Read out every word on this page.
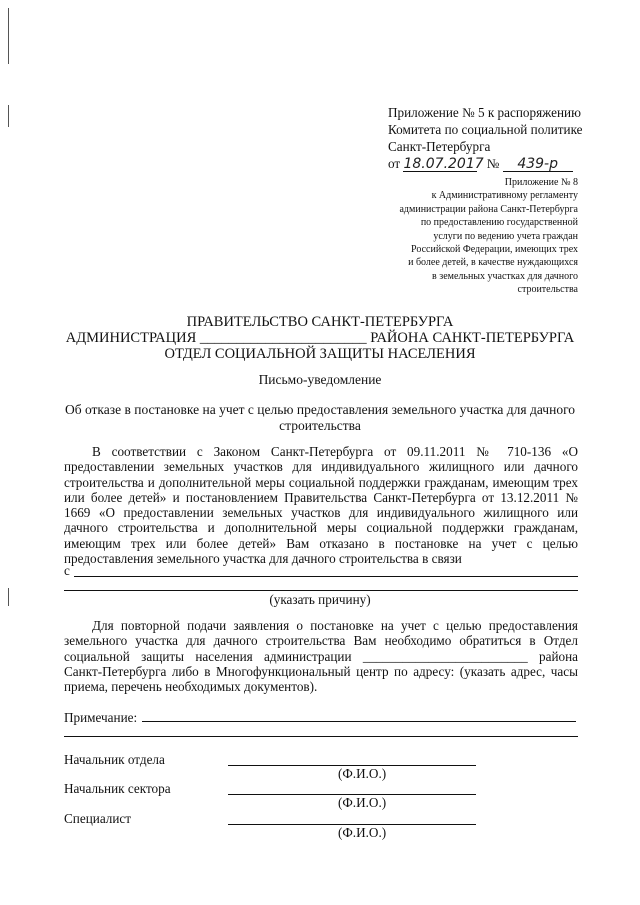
Приложение № 5 к распоряжению
Комитета по социальной политике
Санкт-Петербурга
от 18.07.2017 № 439-р
Приложение № 8
к Административному регламенту
администрации района Санкт-Петербурга
по предоставлению государственной
услуги по ведению учета граждан
Российской Федерации, имеющих трех
и более детей, в качестве нуждающихся
в земельных участках для дачного
строительства
ПРАВИТЕЛЬСТВО САНКТ-ПЕТЕРБУРГА
АДМИНИСТРАЦИЯ _______________________ РАЙОНА САНКТ-ПЕТЕРБУРГА
ОТДЕЛ СОЦИАЛЬНОЙ ЗАЩИТЫ НАСЕЛЕНИЯ
Письмо-уведомление
Об отказе в постановке на учет с целью предоставления земельного участка для дачного
строительства
В соответствии с Законом Санкт-Петербурга от 09.11.2011 № 710-136 «О предоставлении земельных участков для индивидуального жилищного или дачного строительства и дополнительной меры социальной поддержки гражданам, имеющим трех или более детей» и постановлением Правительства Санкт-Петербурга от 13.12.2011 № 1669 «О предоставлении земельных участков для индивидуального жилищного или дачного строительства и дополнительной меры социальной поддержки гражданам, имеющим трех или более детей» Вам отказано в постановке на учет с целью предоставления земельного участка для дачного строительства в связи
с
(указать причину)
Для повторной подачи заявления о постановке на учет с целью предоставления земельного участка для дачного строительства Вам необходимо обратиться в Отдел социальной защиты населения администрации _________________________ района Санкт-Петербурга либо в Многофункциональный центр по адресу: (указать адрес, часы приема, перечень необходимых документов).
Примечание:
Начальник отдела
(Ф.И.О.)
Начальник сектора
(Ф.И.О.)
Специалист
(Ф.И.О.)
